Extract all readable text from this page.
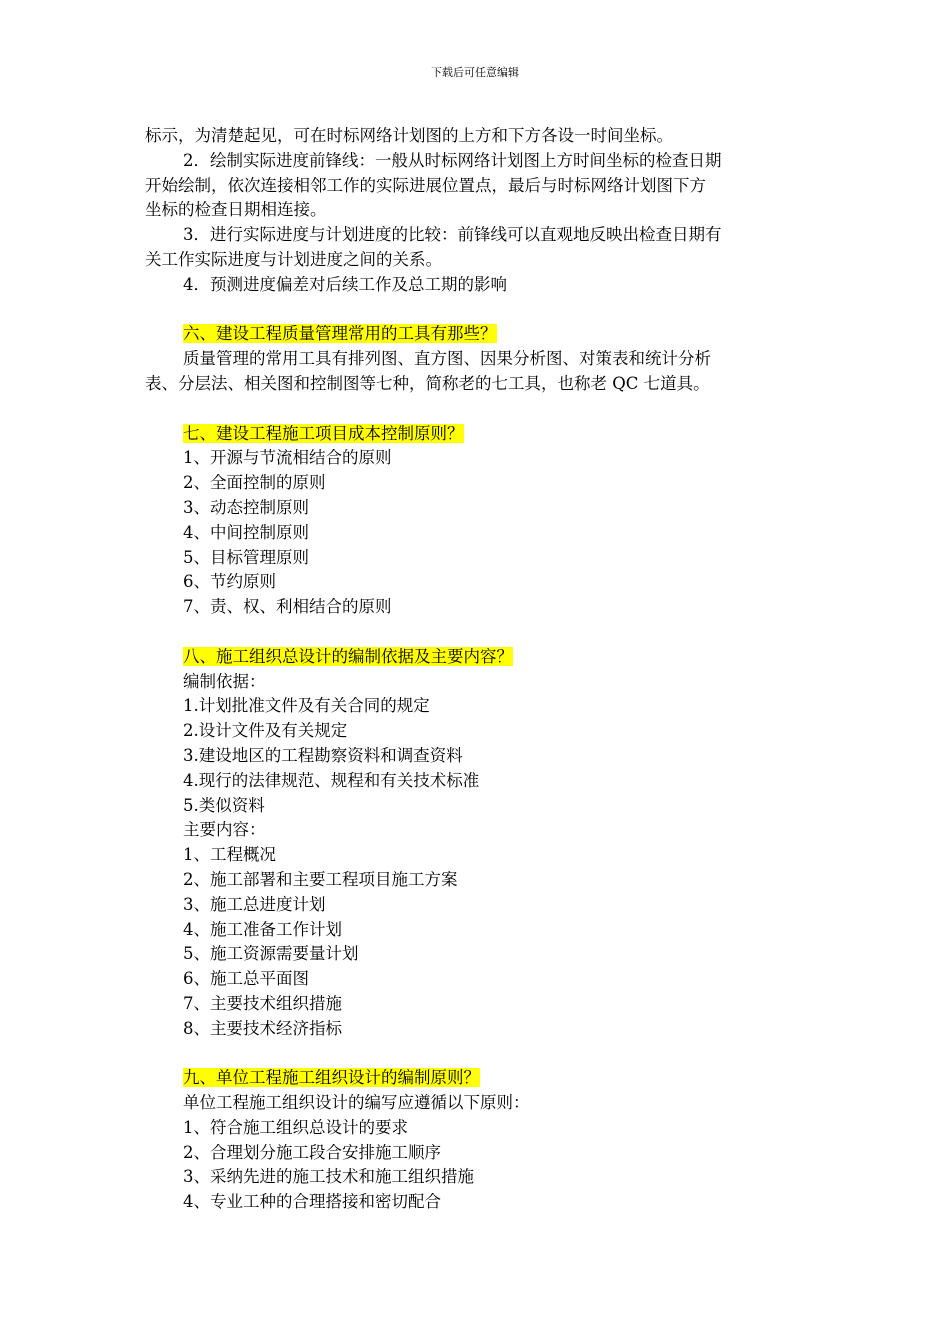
下载后可任意编辑
标示，为清楚起见，可在时标网络计划图的上方和下方各设一时间坐标。
2．绘制实际进度前锋线：一般从时标网络计划图上方时间坐标的检查日期
开始绘制，依次连接相邻工作的实际进展位置点，最后与时标网络计划图下方
坐标的检查日期相连接。
3．进行实际进度与计划进度的比较：前锋线可以直观地反映出检查日期有
关工作实际进度与计划进度之间的关系。
4．预测进度偏差对后续工作及总工期的影响
六、建设工程质量管理常用的工具有那些？
质量管理的常用工具有排列图、直方图、因果分析图、对策表和统计分析
表、分层法、相关图和控制图等七种，简称老的七工具，也称老 QC 七道具。
七、建设工程施工项目成本控制原则？
1、开源与节流相结合的原则
2、全面控制的原则
3、动态控制原则
4、中间控制原则
5、目标管理原则
6、节约原则
7、责、权、利相结合的原则
八、施工组织总设计的编制依据及主要内容？
编制依据：
1.计划批准文件及有关合同的规定
2.设计文件及有关规定
3.建设地区的工程勘察资料和调查资料
4.现行的法律规范、规程和有关技术标准
5.类似资料
主要内容：
1、工程概况
2、施工部署和主要工程项目施工方案
3、施工总进度计划
4、施工准备工作计划
5、施工资源需要量计划
6、施工总平面图
7、主要技术组织措施
8、主要技术经济指标
九、单位工程施工组织设计的编制原则？
单位工程施工组织设计的编写应遵循以下原则：
1、符合施工组织总设计的要求
2、合理划分施工段合安排施工顺序
3、采纳先进的施工技术和施工组织措施
4、专业工种的合理搭接和密切配合
